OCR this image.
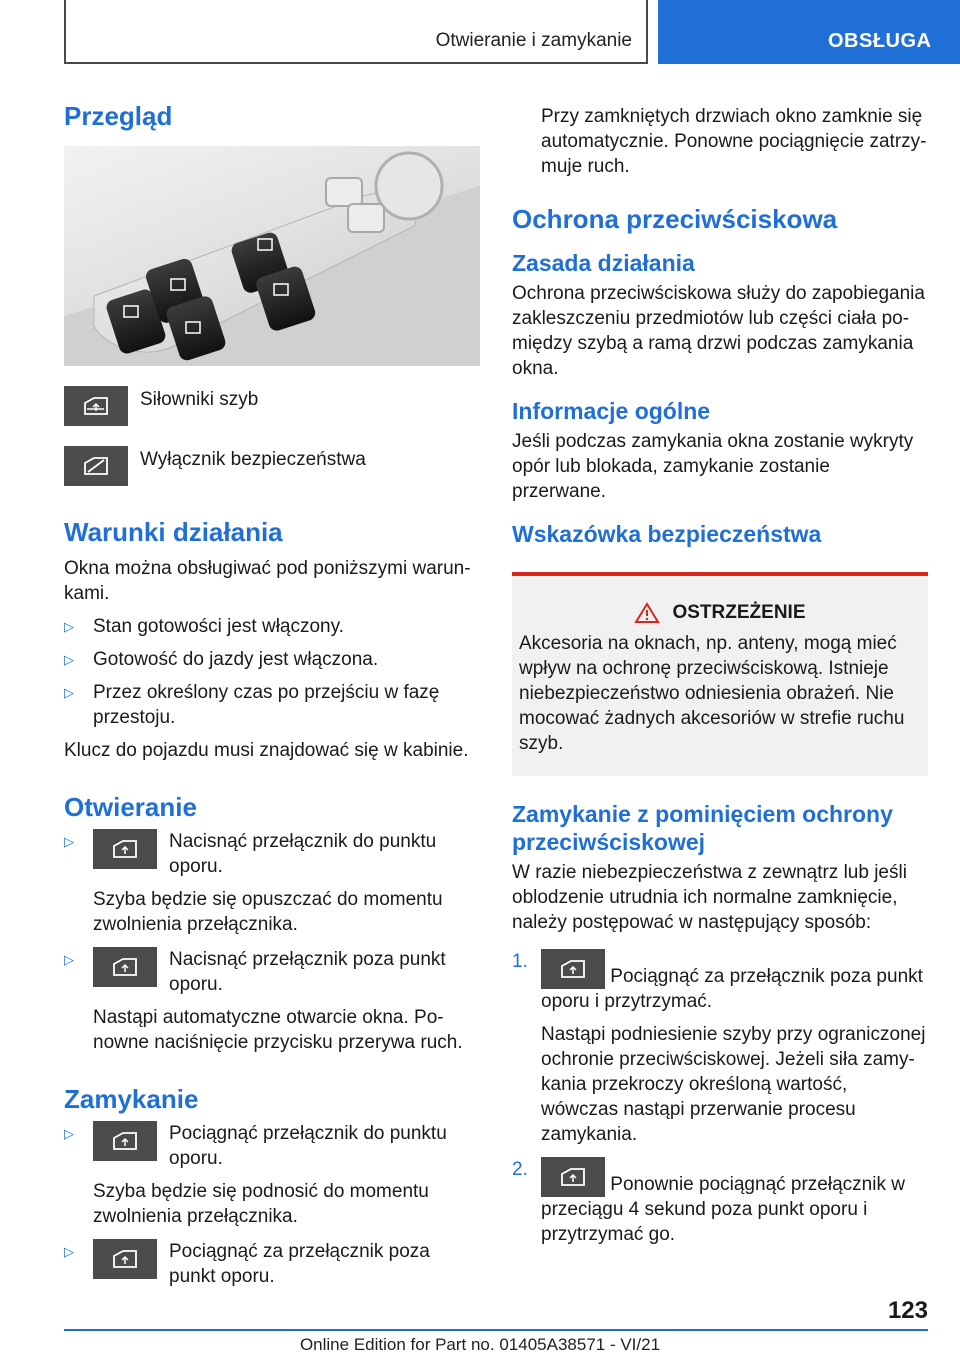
Otwieranie i zamykanie	OBSŁUGA
Przegląd
Siłowniki szyb
Wyłącznik bezpieczeństwa
Warunki działania

Okna można obsługiwać pod poniższymi warun-kami.

▷	Stan gotowości jest włączony.
▷	Gotowość do jazdy jest włączona.
▷	Przez określony czas po przejściu w fazę przestoju.

Klucz do pojazdu musi znajdować się w kabinie.

Otwieranie
▷	Nacisnąć przełącznik do punktu oporu.

Szyba będzie się opuszczać do momentu zwolnienia przełącznika.

▷	Nacisnąć przełącznik poza punkt oporu.

Nastąpi automatyczne otwarcie okna. Po-nowne naciśnięcie przycisku przerywa ruch.

Zamykanie
▷	Pociągnąć przełącznik do punktu oporu.

Szyba będzie się podnosić do momentu zwolnienia przełącznika.

▷	Pociągnąć za przełącznik poza punkt oporu.

Przy zamkniętych drzwiach okno zamknie się automatycznie. Ponowne pociągnięcie zatrzy-muje ruch.

Ochrona przeciwściskowa
Zasada działania

Ochrona przeciwściskowa służy do zapobiegania zakleszczeniu przedmiotów lub części ciała po-między szybą a ramą drzwi podczas zamykania okna.

Informacje ogólne

Jeśli podczas zamykania okna zostanie wykryty opór lub blokada, zamykanie zostanie przerwane.

Wskazówka bezpieczeństwa
OSTRZEŻENIE

Akcesoria na oknach, np. anteny, mogą mieć wpływ na ochronę przeciwściskową. Istnieje niebezpieczeństwo odniesienia obrażeń. Nie mocować żadnych akcesoriów w strefie ruchu szyb.

Zamykanie z pominięciem ochrony przeciwściskowej

W razie niebezpieczeństwa z zewnątrz lub jeśli oblodzenie utrudnia ich normalne zamknięcie, należy postępować w następujący sposób:

1.
Pociągnąć za przełącznik poza punkt oporu i przytrzymać.

Nastąpi podniesienie szyby przy ograniczonej ochronie przeciwściskowej. Jeżeli siła zamy-kania przekroczy określoną wartość, wówczas nastąpi przerwanie procesu zamykania.

2.
Ponownie pociągnąć przełącznik w przeciągu 4 sekund poza punkt oporu i przytrzymać go.
123
Online Edition for Part no. 01405A38571 - VI/21
